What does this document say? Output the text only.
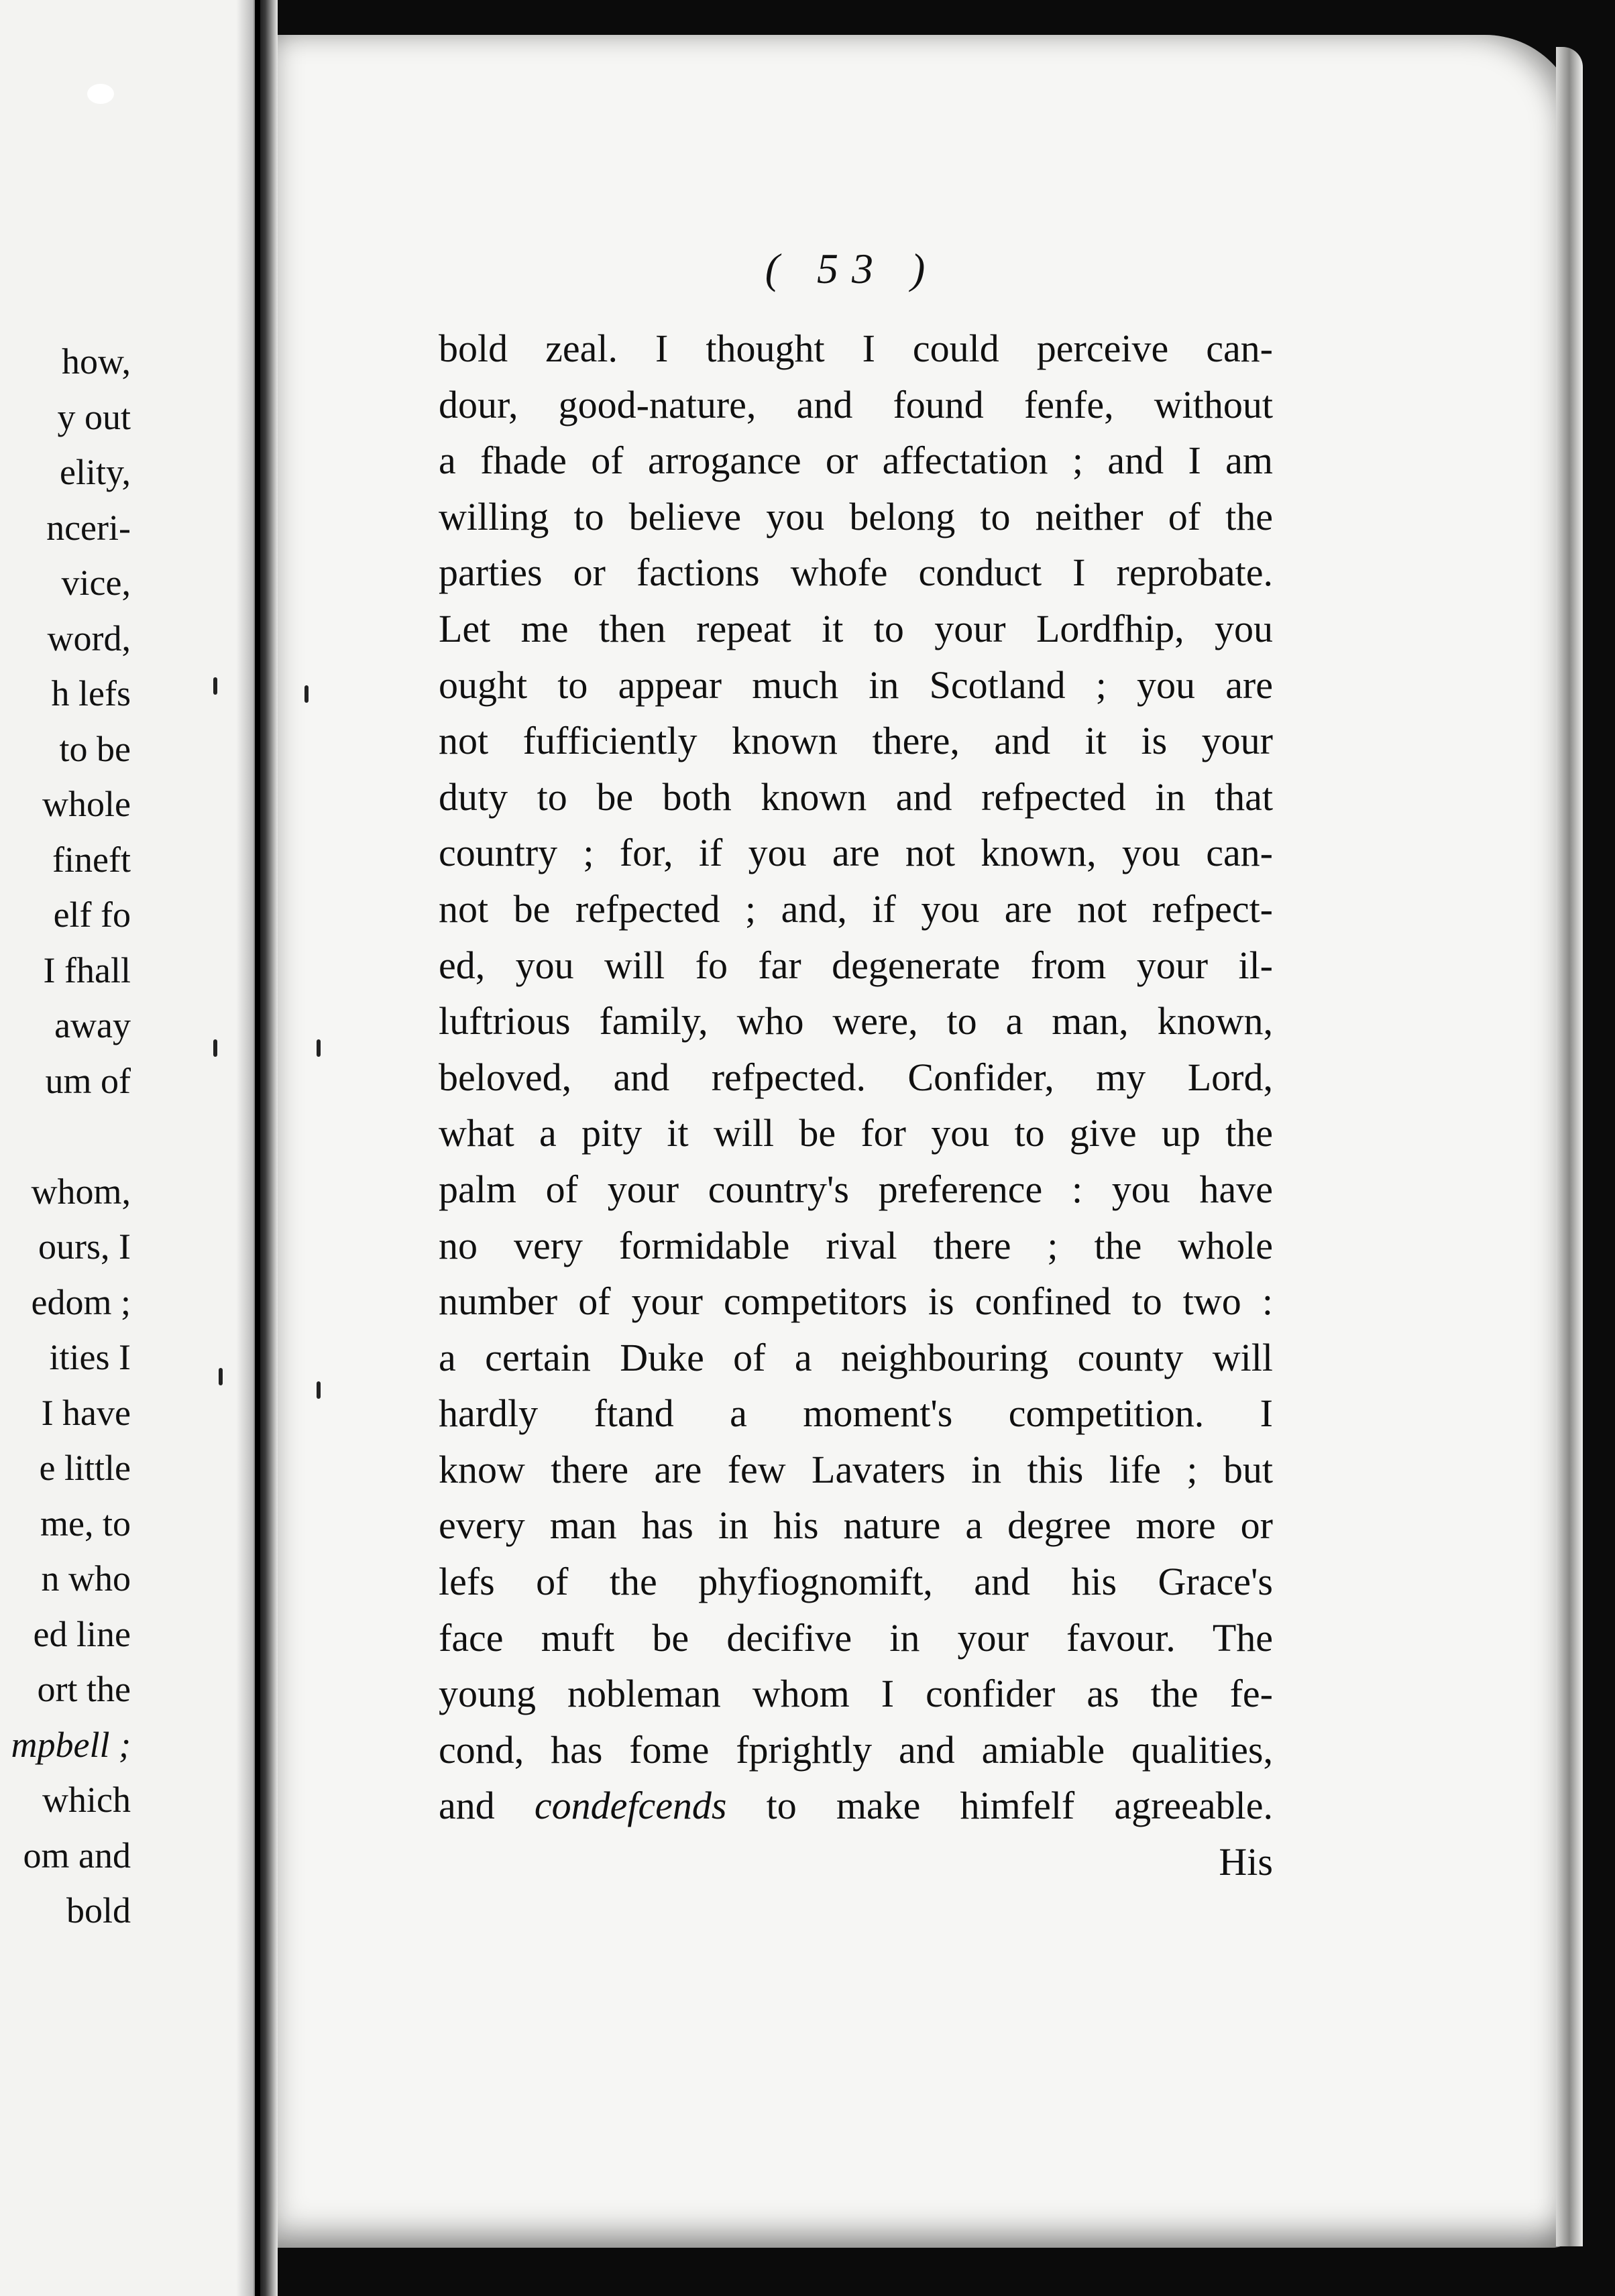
how,
y out
elity,
nceri-
vice,
word,
h lefs
to be
whole
fineft
elf fo
I fhall
away
um of
whom,
ours, I
edom ;
ities I
I have
e little
me, to
n who
ed line
ort the
mpbell ;
which
om and
bold
( 53 )
bold zeal. I thought I could perceive can-
dour, good-nature, and found fenfe, without
a fhade of arrogance or affectation ; and I am
willing to believe you belong to neither of the
parties or factions whofe conduct I reprobate.
Let me then repeat it to your Lordfhip, you
ought to appear much in Scotland ; you are
not fufficiently known there, and it is your
duty to be both known and refpected in that
country ; for, if you are not known, you can-
not be refpected ; and, if you are not refpect-
ed, you will fo far degenerate from your il-
luftrious family, who were, to a man, known,
beloved, and refpected. Confider, my Lord,
what a pity it will be for you to give up the
palm of your country's preference : you have
no very formidable rival there ; the whole
number of your competitors is confined to two :
a certain Duke of a neighbouring county will
hardly ftand a moment's competition. I
know there are few Lavaters in this life ; but
every man has in his nature a degree more or
lefs of the phyfiognomift, and his Grace's
face muft be decifive in your favour. The
young nobleman whom I confider as the fe-
cond, has fome fprightly and amiable qualities,
and condefcends to make himfelf agreeable.
His
